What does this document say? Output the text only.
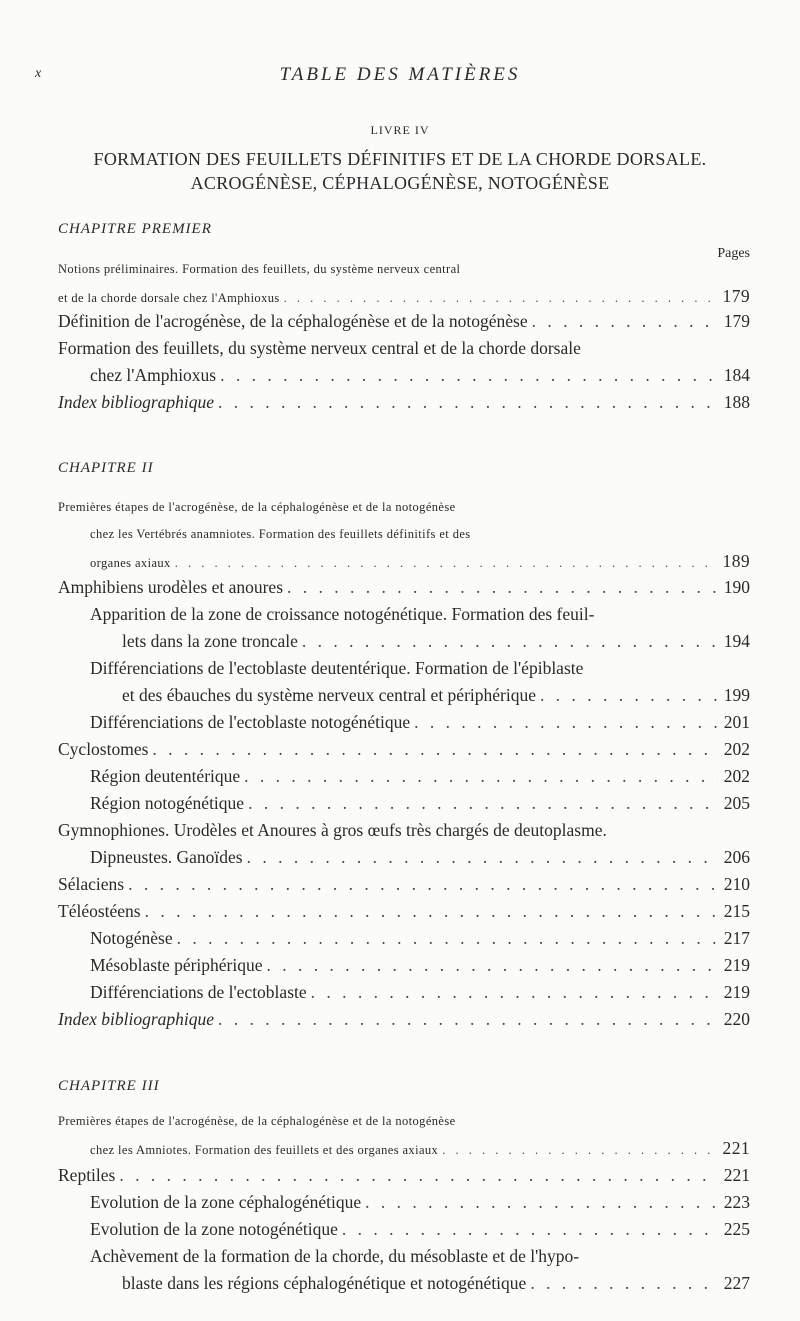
x	TABLE DES MATIÈRES
LIVRE IV
FORMATION DES FEUILLETS DÉFINITIFS ET DE LA CHORDE DORSALE.
ACROGÉNÈSE, CÉPHALOGÉNÈSE, NOTOGÉNÈSE
CHAPITRE PREMIER
Pages
Notions préliminaires. Formation des feuillets, du système nerveux central
et de la chorde dorsale chez l'Amphioxus . . .	179
Définition de l'acrogénèse, de la céphalogénèse et de la notogénèse . . .	179
Formation des feuillets, du système nerveux central et de la chorde dorsale
chez l'Amphioxus . . .	184
Index bibliographique . . .	188
CHAPITRE II
Premières étapes de l'acrogénèse, de la céphalogénèse et de la notogénèse
chez les Vertébrés anamniotes. Formation des feuillets définitifs et des
organes axiaux . . .	189
Amphibiens urodèles et anoures . . .	190
Apparition de la zone de croissance notogénétique. Formation des feuil-
lets dans la zone troncale . . .	194
Différenciations de l'ectoblaste deutentérique. Formation de l'épiblaste
et des ébauches du système nerveux central et périphérique . . .	199
Différenciations de l'ectoblaste notogénétique . . .	201
Cyclostomes . . .	202
Région deutentérique . . .	202
Région notogénétique . . .	205
Gymnophiones. Urodèles et Anoures à gros œufs très chargés de deutoplasme.
Dipneustes. Ganoïdes . . .	206
Sélaciens . . .	210
Téléostéens . . .	215
Notogénèse . . .	217
Mésoblaste périphérique . . .	219
Différenciations de l'ectoblaste . . .	219
Index bibliographique . . .	220
CHAPITRE III
Premières étapes de l'acrogénèse, de la céphalogénèse et de la notogénèse
chez les Amniotes. Formation des feuillets et des organes axiaux . . .	221
Reptiles . . .	221
Evolution de la zone céphalogénétique . . .	223
Evolution de la zone notogénétique . . .	225
Achèvement de la formation de la chorde, du mésoblaste et de l'hypo-
blaste dans les régions céphalogénétique et notogénétique . . .	227
